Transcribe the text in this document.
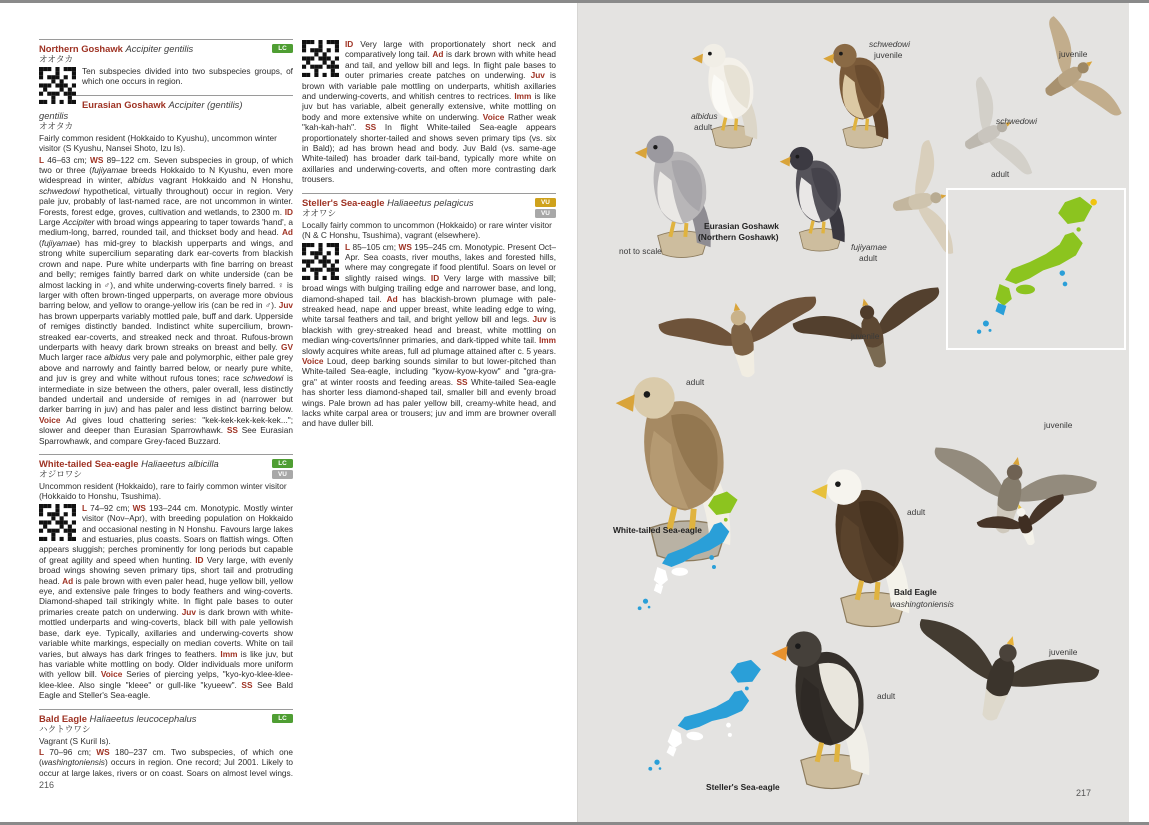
Northern Goshawk Accipiter gentilis	LC
オオタカ
Ten subspecies divided into two subspecies groups, of which one occurs in region.
Eurasian Goshawk Accipiter (gentilis) gentilis
オオタカ

Fairly common resident (Hokkaido to Kyushu), uncommon winter visitor (S Kyushu, Nansei Shoto, Izu Is).

L 46–63 cm; WS 89–122 cm. Seven subspecies in group, of which two or three (fujiyamae breeds Hokkaido to N Kyushu, even more widespread in winter, albidus vagrant Hokkaido and N Honshu, schwedowi hypothetical, virtually throughout) occur in region. Very pale juv, probably of last-named race, are not uncommon in winter. Forests, forest edge, groves, cultivation and wetlands, to 2300 m. ID Large Accipiter with broad wings appearing to taper towards 'hand', a medium-long, barred, rounded tail, and thickset body and head. Ad (fujiyamae) has mid-grey to blackish upperparts and wings, and strong white supercilium separating dark ear-coverts from blackish crown and nape. Pure white underparts with fine barring on breast and belly; remiges faintly barred dark on white underside (can be almost lacking in ♂), and white underwing-coverts finely barred. ♀ is larger with often brown-tinged upperparts, on average more obvious barring below, and yellow to orange-yellow iris (can be red in ♂). Juv has brown upperparts variably mottled pale, buff and dark. Upperside of remiges distinctly banded. Indistinct white supercilium, brown-streaked ear-coverts, and streaked neck and throat. Rufous-brown underparts with heavy dark brown streaks on breast and belly. GV Much larger race albidus very pale and polymorphic, either pale grey above and narrowly and faintly barred below, or nearly pure white, and juv is grey and white without rufous tones; race schwedowi is intermediate in size between the others, paler overall, less distinctly banded undertail and underside of remiges in ad (narrower but darker barring in juv) and has paler and less distinct barring below. Voice Ad gives loud chattering series: "kek-kek-kek-kek-kek..."; slower and deeper than Eurasian Sparrowhawk. SS See Eurasian Sparrowhawk, and compare Grey-faced Buzzard.
White-tailed Sea-eagle Haliaeetus albicilla	LC
VU
オジロワシ

Uncommon resident (Hokkaido), rare to fairly common winter visitor (Hokkaido to Honshu, Tsushima).

L 74–92 cm; WS 193–244 cm. Monotypic. Mostly winter visitor (Nov–Apr), with breeding population on Hokkaido and occasional nesting in N Honshu. Favours large lakes and estuaries, plus coasts. Soars on flattish wings. Often appears sluggish; perches prominently for long periods but capable of great agility and speed when hunting. ID Very large, with evenly broad wings showing seven primary tips, short tail and protruding head. Ad is pale brown with even paler head, huge yellow bill, yellow eye, and extensive pale fringes to body feathers and wing-coverts. Diamond-shaped tail strikingly white. In flight pale bases to outer primaries create patch on underwing. Juv is dark brown with white-mottled underparts and wing-coverts, black bill with pale yellowish base, dark eye. Typically, axillaries and underwing-coverts show variable white markings, especially on median coverts. White on tail varies, but always has dark fringes to feathers. Imm is like juv, but has variable white mottling on body. Older individuals more uniform with yellow bill. Voice Series of piercing yelps, "kyo-kyo-klee-klee-klee-klee. Also single "kleee" or gull-like "kyueew". SS See Bald Eagle and Steller's Sea-eagle.
Bald Eagle Haliaeetus leucocephalus	LC
ハクトウワシ

Vagrant (S Kuril Is).

L 70–96 cm; WS 180–237 cm. Two subspecies, of which one (washingtoniensis) occurs in region. One record; Jul 2001. Likely to occur at large lakes, rivers or on coast. Soars on almost level wings. ID Very large with proportionately short neck and comparatively long tail. Ad is dark brown with white head and tail, and yellow bill and legs. In flight pale bases to outer primaries create patches on underwing. Juv is brown with variable pale mottling on underparts, whitish axillaries and underwing-coverts, and whitish centres to rectrices. Imm is like juv but has variable, albeit generally extensive, white mottling on body and more extensive white on underwing. Voice Rather weak "kah-kah-hah". SS In flight White-tailed Sea-eagle appears proportionately shorter-tailed and shows seven primary tips (vs. six in Bald); ad has brown head and body. Juv Bald (vs. same-age White-tailed) has broader dark tail-band, typically more white on axillaries and underwing-coverts, and often more contrasting dark trousers.
Steller's Sea-eagle Haliaeetus pelagicus	VU
VU
オオワシ

Locally fairly common to uncommon (Hokkaido) or rare winter visitor (N & C Honshu, Tsushima), vagrant (elsewhere).

L 85–105 cm; WS 195–245 cm. Monotypic. Present Oct–Apr. Sea coasts, river mouths, lakes and forested hills, where may congregate if food plentiful. Soars on level or slightly raised wings. ID Very large with massive bill; broad wings with bulging trailing edge and narrower base, and long, diamond-shaped tail. Ad has blackish-brown plumage with pale-streaked head, nape and upper breast, white leading edge to wing, white tarsal feathers and tail, and bright yellow bill and legs. Juv is blackish with grey-streaked head and breast, white mottling on median wing-coverts/inner primaries, and dark-tipped white tail. Imm slowly acquires white areas, full ad plumage attained after c. 5 years. Voice Loud, deep barking sounds similar to but lower-pitched than White-tailed Sea-eagle, including "kyow-kyow-kyow" and "gra-gra-gra" at winter roosts and feeding areas. SS White-tailed Sea-eagle has shorter less diamond-shaped tail, smaller bill and evenly broad wings. Pale brown ad has paler yellow bill, creamy-white head, and lacks white carpal area or trousers; juv and imm are browner overall and have duller bill.
216
schwedowi
juvenile	juvenile
albidus
adult
schwedowi
adult
Eurasian Goshawk
(Northern Goshawk)
fujiyamae
adult
not to scale
adult
juvenile
White-tailed Sea-eagle
juvenile
adult
Bald Eagle
washingtoniensis
juvenile
adult
Steller's Sea-eagle
217
